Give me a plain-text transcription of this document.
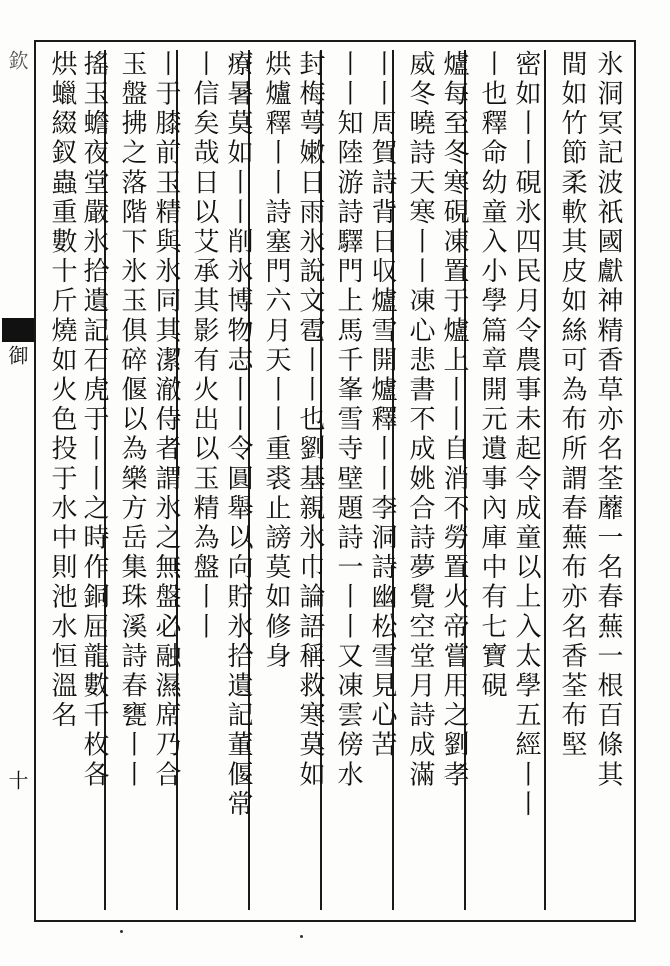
欽
御
十	氷洞冥記波祇國獻神精香草亦名荃蘼一名春蕪一根百條其
間如竹節柔軟其皮如絲可為布所謂春蕪布亦名香荃布堅
密如丨丨硯氷四民月令農事未起令成童以上入太學五經丨丨
丨也釋命幼童入小學篇章開元遺事內庫中有七寶硯
爐每至冬寒硯凍置于爐上丨丨自消不勞置火帝嘗用之劉孝
威冬曉詩天寒丨丨凍心悲書不成姚合詩夢覺空堂月詩成滿
丨丨周賀詩背日収爐雪開爐釋丨丨李洞詩幽松雪見心苦
丨丨知陸游詩驛門上馬千峯雪寺壁題詩一丨丨又凍雲傍水
封梅萼嫩日雨氷說文雹丨丨也劉基親氷巾論語稱救寒莫如
烘爐釋丨丨詩塞門六月天丨丨重裘止謗莫如修身
療暑莫如丨丨削氷博物志丨丨令圓舉以向貯氷拾遺記董偃常
丨信矣哉日以艾承其影有火出以玉精為盤丨丨
丨于膝前玉精與氷同其潔澈侍者謂氷之無盤必融濕席乃合
玉盤拂之落階下氷玉俱碎偃以為樂方岳集珠溪詩春甕丨丨
搖玉蟾夜堂嚴氷拾遺記石虎于丨丨之時作銅屈龍數千枚各
烘蠟綴釵蟲重數十斤燒如火色投于水中則池水恒溫名
